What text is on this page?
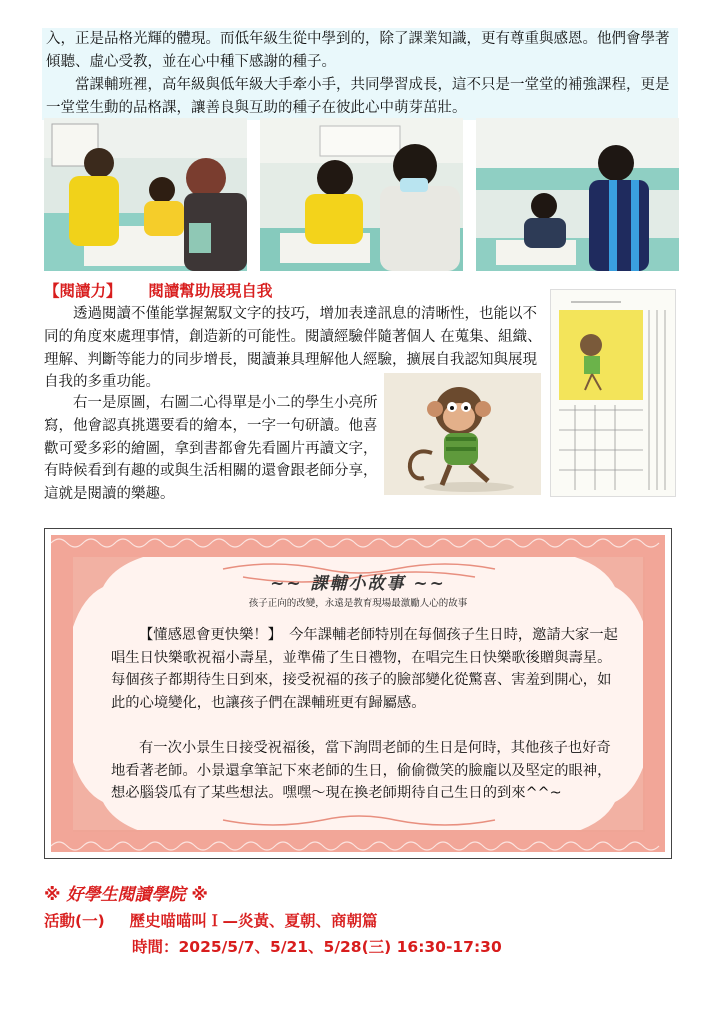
入，正是品格光輝的體現。而低年級生從中學到的，除了課業知識，更有尊重與感恩。他們會學著傾聽、虛心受教，並在心中種下感謝的種子。

當課輔班裡，高年級與低年級大手牽小手，共同學習成長，這不只是一堂堂的補強課程，更是一堂堂生動的品格課，讓善良與互助的種子在彼此心中萌芽茁壯。

【閱讀力】 閱讀幫助展現自我

透過閱讀不僅能掌握駕馭文字的技巧，增加表達訊息的清晰性，也能以不同的角度來處理事情，創造新的可能性。閱讀經驗伴隨著個人 在蒐集、組織、理解、判斷等能力的同步增長，閱讀兼具理解他人經驗，擴展自我認知與展現自我的多重功能。

右一是原圖，右圖二心得單是小二的學生小亮所寫，他會認真挑選要看的繪本，一字一句研讀。他喜歡可愛多彩的繪圖，拿到書都會先看圖片再讀文字，有時候看到有趣的或與生活相關的還會跟老師分享，這就是閱讀的樂趣。

~~ 課輔小故事 ~~
孩子正向的改變，永遠是教育現場最激勵人心的故事

【懂感恩會更快樂！】　今年課輔老師特別在每個孩子生日時，邀請大家一起唱生日快樂歌祝福小壽星，並準備了生日禮物，在唱完生日快樂歌後贈與壽星。每個孩子都期待生日到來，接受祝福的孩子的臉部變化從驚喜、害羞到開心，如此的心境變化，也讓孩子們在課輔班更有歸屬感。

有一次小景生日接受祝福後，當下詢問老師的生日是何時，其他孩子也好奇地看著老師。小景還拿筆記下來老師的生日，偷偷微笑的臉龐以及堅定的眼神，想必腦袋瓜有了某些想法。嘿嘿～現在換老師期待自己生日的到來^^~

※ 好學生閱讀學院 ※
活動(一) 歷史喵喵叫Ｉ—炎黃、夏朝、商朝篇
時間：2025/5/7、5/21、5/28(三) 16:30-17:30
